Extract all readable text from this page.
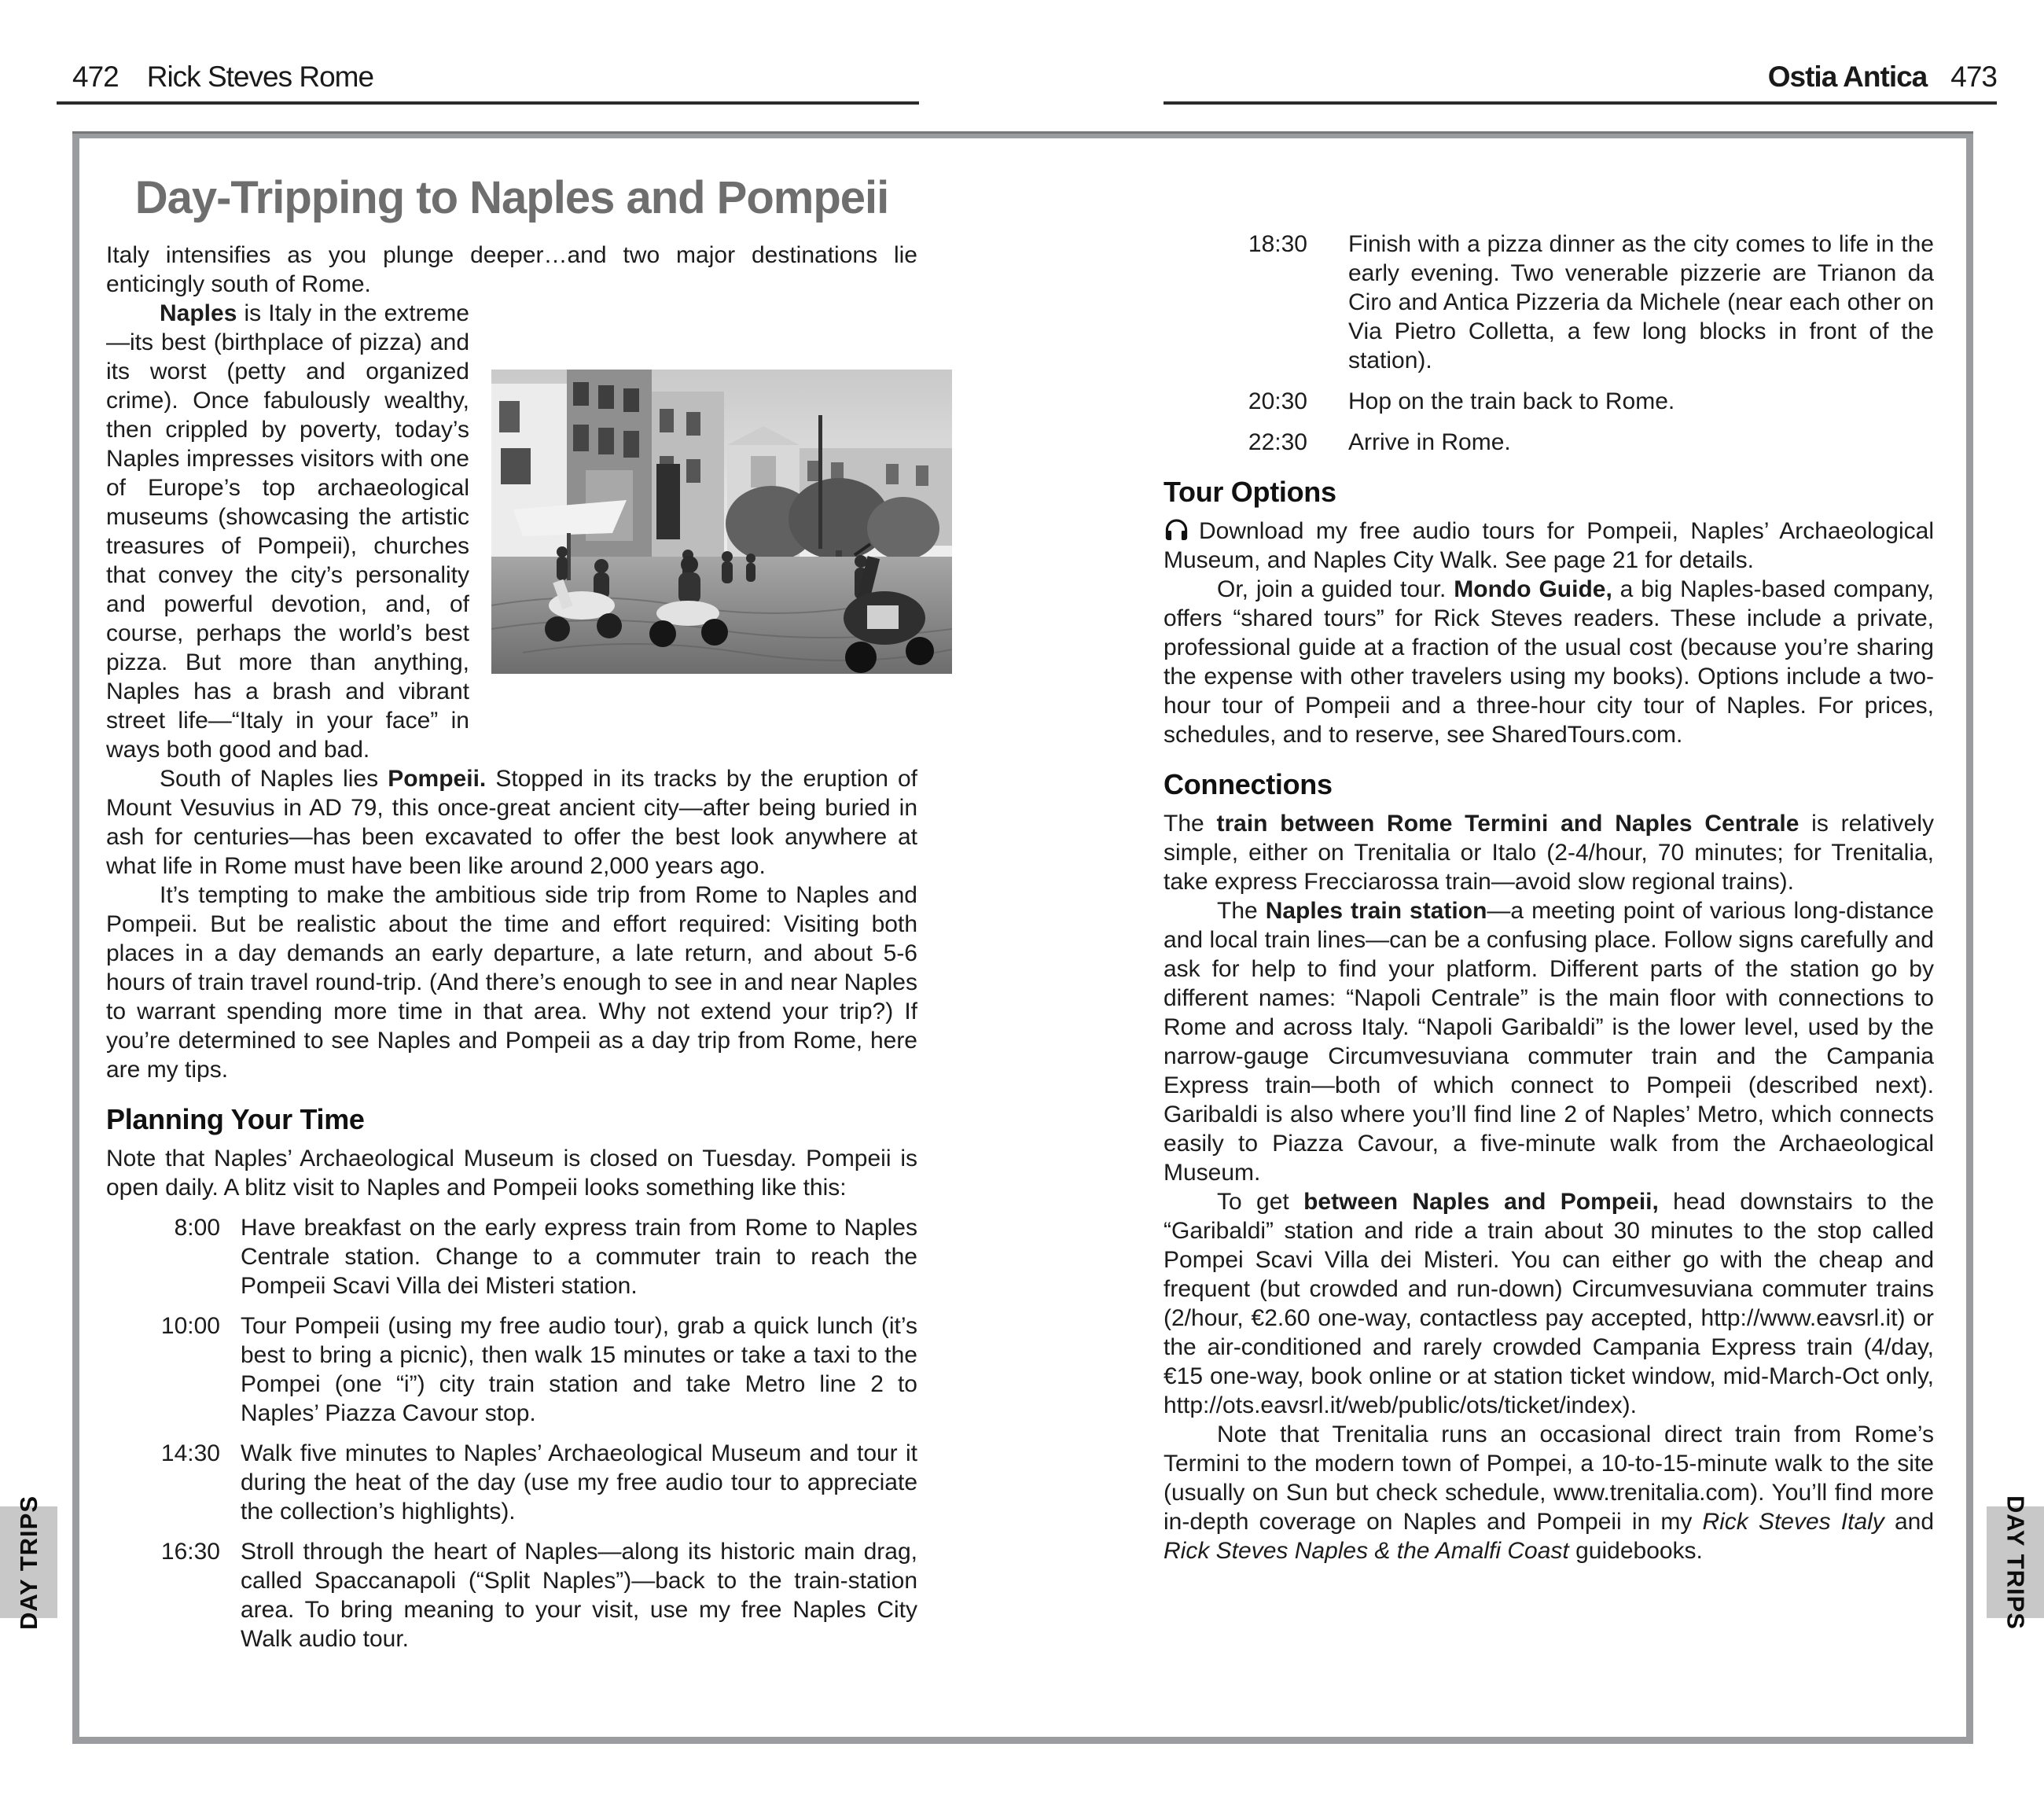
472 Rick Steves Rome	Ostia Antica 473
DAY TRIPS	DAY TRIPS
Day-Tripping to Naples and Pompeii

Italy intensifies as you plunge deeper…and two major destinations lie enticingly south of Rome.

Naples is Italy in the extreme—its best (birthplace of pizza) and its worst (petty and organized crime). Once fabulously wealthy, then crippled by poverty, today’s Naples impresses visitors with one of Europe’s top archaeological museums (showcasing the artistic treasures of Pompeii), churches that convey the city’s personality and powerful devotion, and, of course, perhaps the world’s best pizza. But more than anything, Naples has a brash and vibrant street life—“Italy in your face” in ways both good and bad.

South of Naples lies Pompeii. Stopped in its tracks by the eruption of Mount Vesuvius in AD 79, this once-great ancient city—after being buried in ash for centuries—has been excavated to offer the best look anywhere at what life in Rome must have been like around 2,000 years ago.

It’s tempting to make the ambitious side trip from Rome to Naples and Pompeii. But be realistic about the time and effort required: Visiting both places in a day demands an early departure, a late return, and about 5-6 hours of train travel round-trip. (And there’s enough to see in and near Naples to warrant spending more time in that area. Why not extend your trip?) If you’re determined to see Naples and Pompeii as a day trip from Rome, here are my tips.

Planning Your Time

Note that Naples’ Archaeological Museum is closed on Tuesday. Pompeii is open daily. A blitz visit to Naples and Pompeii looks something like this:

8:00 Have breakfast on the early express train from Rome to Naples Centrale station. Change to a commuter train to reach the Pompeii Scavi Villa dei Misteri station.
10:00 Tour Pompeii (using my free audio tour), grab a quick lunch (it’s best to bring a picnic), then walk 15 minutes or take a taxi to the Pompei (one “i”) city train station and take Metro line 2 to Naples’ Piazza Cavour stop.
14:30 Walk five minutes to Naples’ Archaeological Museum and tour it during the heat of the day (use my free audio tour to appreciate the collection’s highlights).
16:30 Stroll through the heart of Naples—along its historic main drag, called Spaccanapoli (“Split Naples”)—back to the train-station area. To bring meaning to your visit, use my free Naples City Walk audio tour.
18:30 Finish with a pizza dinner as the city comes to life in the early evening. Two venerable pizzerie are Trianon da Ciro and Antica Pizzeria da Michele (near each other on Via Pietro Colletta, a few long blocks in front of the station).
20:30 Hop on the train back to Rome.
22:30 Arrive in Rome.
Tour Options

Download my free audio tours for Pompeii, Naples’ Archaeological Museum, and Naples City Walk. See page 21 for details.

Or, join a guided tour. Mondo Guide, a big Naples-based company, offers “shared tours” for Rick Steves readers. These include a private, professional guide at a fraction of the usual cost (because you’re sharing the expense with other travelers using my books). Options include a two-hour tour of Pompeii and a three-hour city tour of Naples. For prices, schedules, and to reserve, see SharedTours.com.

Connections

The train between Rome Termini and Naples Centrale is relatively simple, either on Trenitalia or Italo (2-4/hour, 70 minutes; for Trenitalia, take express Frecciarossa train—avoid slow regional trains).

The Naples train station—a meeting point of various long-distance and local train lines—can be a confusing place. Follow signs carefully and ask for help to find your platform. Different parts of the station go by different names: “Napoli Centrale” is the main floor with connections to Rome and across Italy. “Napoli Garibaldi” is the lower level, used by the narrow-gauge Circumvesuviana commuter train and the Campania Express train—both of which connect to Pompeii (described next). Garibaldi is also where you’ll find line 2 of Naples’ Metro, which connects easily to Piazza Cavour, a five-minute walk from the Archaeological Museum.

To get between Naples and Pompeii, head downstairs to the “Garibaldi” station and ride a train about 30 minutes to the stop called Pompei Scavi Villa dei Misteri. You can either go with the cheap and frequent (but crowded and run-down) Circumvesuviana commuter trains (2/hour, €2.60 one-way, contactless pay accepted, http://www.eavsrl.it) or the air-conditioned and rarely crowded Campania Express train (4/day, €15 one-way, book online or at station ticket window, mid-March-Oct only, http://ots.eavsrl.it/web/public/ots/ticket/index).

Note that Trenitalia runs an occasional direct train from Rome’s Termini to the modern town of Pompei, a 10-to-15-minute walk to the site (usually on Sun but check schedule, www.trenitalia.com). You’ll find more in-depth coverage on Naples and Pompeii in my Rick Steves Italy and Rick Steves Naples & the Amalfi Coast guidebooks.
